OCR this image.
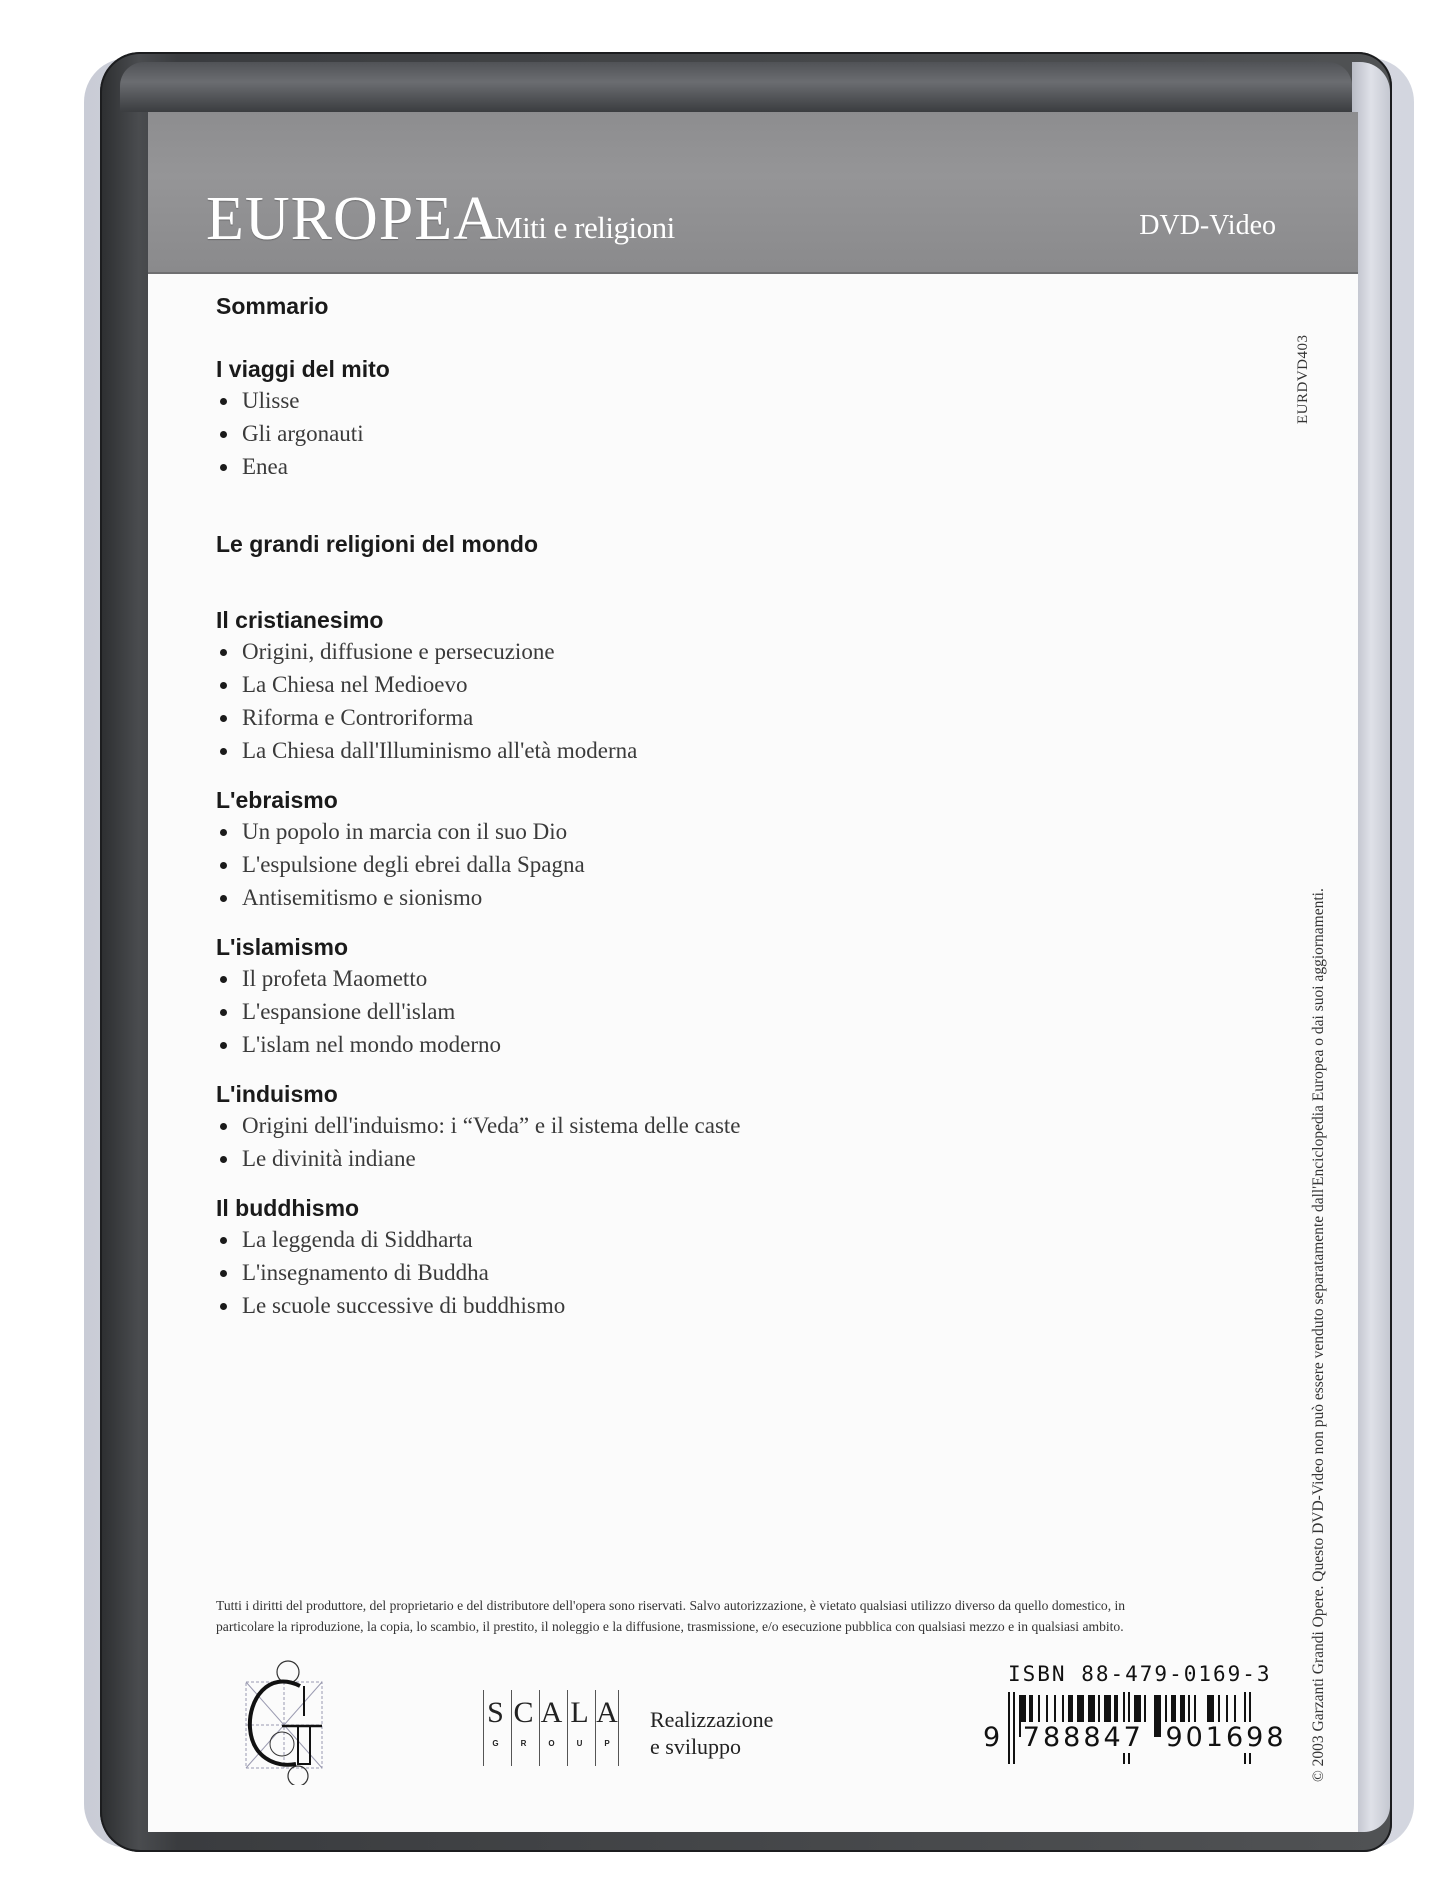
EUROPEA
Miti e religioni	DVD-Video
Sommario
I viaggi del mito
Ulisse
Gli argonauti
Enea
Le grandi religioni del mondo
Il cristianesimo
Origini, diffusione e persecuzione
La Chiesa nel Medioevo
Riforma e Controriforma
La Chiesa dall'Illuminismo all'età moderna
L'ebraismo
Un popolo in marcia con il suo Dio
L'espulsione degli ebrei dalla Spagna
Antisemitismo e sionismo
L'islamismo
Il profeta Maometto
L'espansione dell'islam
L'islam nel mondo moderno
L'induismo
Origini dell'induismo: i “Veda” e il sistema delle caste
Le divinità indiane
Il buddhismo
La leggenda di Siddharta
L'insegnamento di Buddha
Le scuole successive di buddhismo
EURDVD403
© 2003 Garzanti Grandi Opere. Questo DVD-Video non può essere venduto separatamente dall'Enciclopedia Europea o dai suoi aggiornamenti.
Tutti i diritti del produttore, del proprietario e del distributore dell'opera sono riservati. Salvo autorizzazione, è vietato qualsiasi utilizzo diverso da quello domestico, in
particolare la riproduzione, la copia, lo scambio, il prestito, il noleggio e la diffusione, trasmissione, e/o esecuzione pubblica con qualsiasi mezzo e in qualsiasi ambito.
S
G
C
R
A
O
L
U
A
P
Realizzazione
e sviluppo
ISBN 88-479-0169-3
9 788847 901698
